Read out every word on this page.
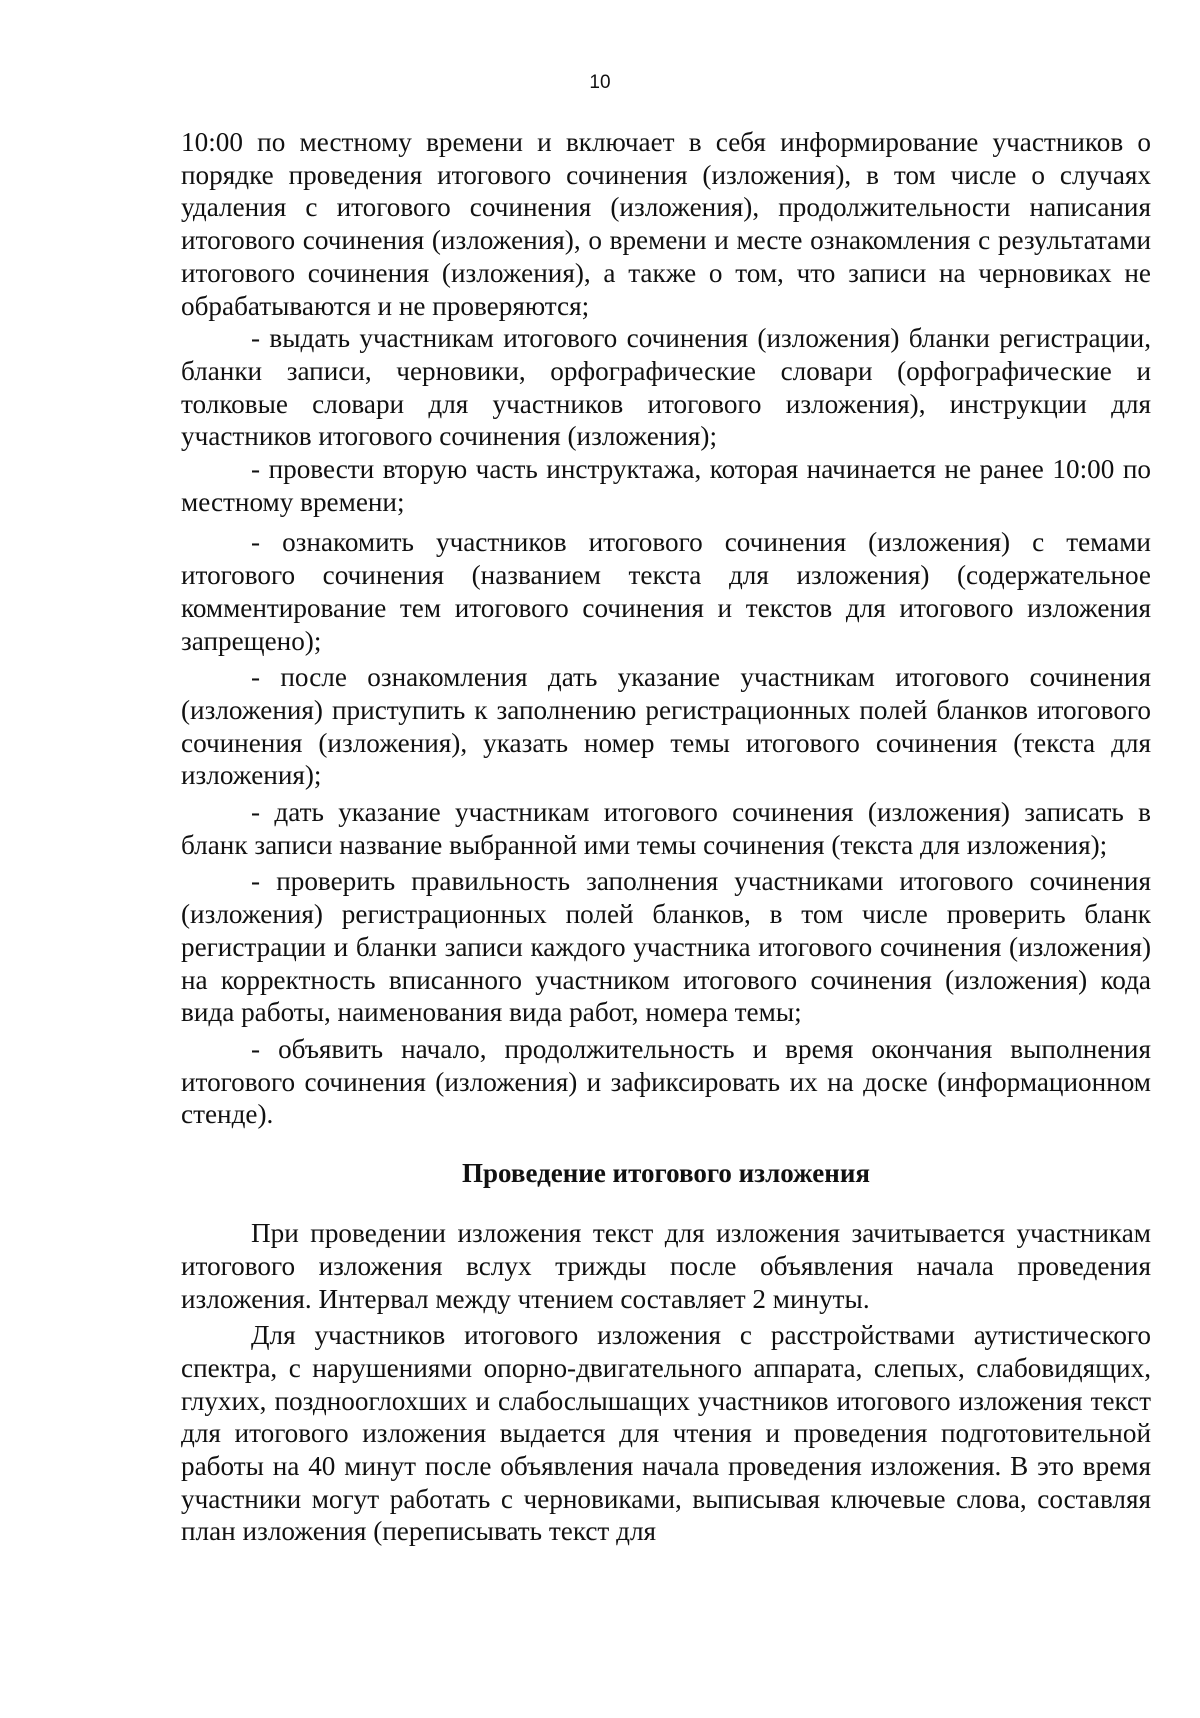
10

10:00 по местному времени и включает в себя информирование участников о порядке проведения итогового сочинения (изложения), в том числе о случаях удаления с итогового сочинения (изложения), продолжительности написания итогового сочинения (изложения), о времени и месте ознакомления с результатами итогового сочинения (изложения), а также о том, что записи на черновиках не обрабатываются и не проверяются;

- выдать участникам итогового сочинения (изложения) бланки регистрации, бланки записи, черновики, орфографические словари (орфографические и толковые словари для участников итогового изложения), инструкции для участников итогового сочинения (изложения);

- провести вторую часть инструктажа, которая начинается не ранее 10:00 по местному времени;

- ознакомить участников итогового сочинения (изложения) с темами итогового сочинения (названием текста для изложения) (содержательное комментирование тем итогового сочинения и текстов для итогового изложения запрещено);

- после ознакомления дать указание участникам итогового сочинения (изложения) приступить к заполнению регистрационных полей бланков итогового сочинения (изложения), указать номер темы итогового сочинения (текста для изложения);

- дать указание участникам итогового сочинения (изложения) записать в бланк записи название выбранной ими темы сочинения (текста для изложения);

- проверить правильность заполнения участниками итогового сочинения (изложения) регистрационных полей бланков, в том числе проверить бланк регистрации и бланки записи каждого участника итогового сочинения (изложения) на корректность вписанного участником итогового сочинения (изложения) кода вида работы, наименования вида работ, номера темы;

- объявить начало, продолжительность и время окончания выполнения итогового сочинения (изложения) и зафиксировать их на доске (информационном стенде).

Проведение итогового изложения

При проведении изложения текст для изложения зачитывается участникам итогового изложения вслух трижды после объявления начала проведения изложения. Интервал между чтением составляет 2 минуты.

Для участников итогового изложения с расстройствами аутистического спектра, с нарушениями опорно-двигательного аппарата, слепых, слабовидящих, глухих, позднооглохших и слабослышащих участников итогового изложения текст для итогового изложения выдается для чтения и проведения подготовительной работы на 40 минут после объявления начала проведения изложения. В это время участники могут работать с черновиками, выписывая ключевые слова, составляя план изложения (переписывать текст для
